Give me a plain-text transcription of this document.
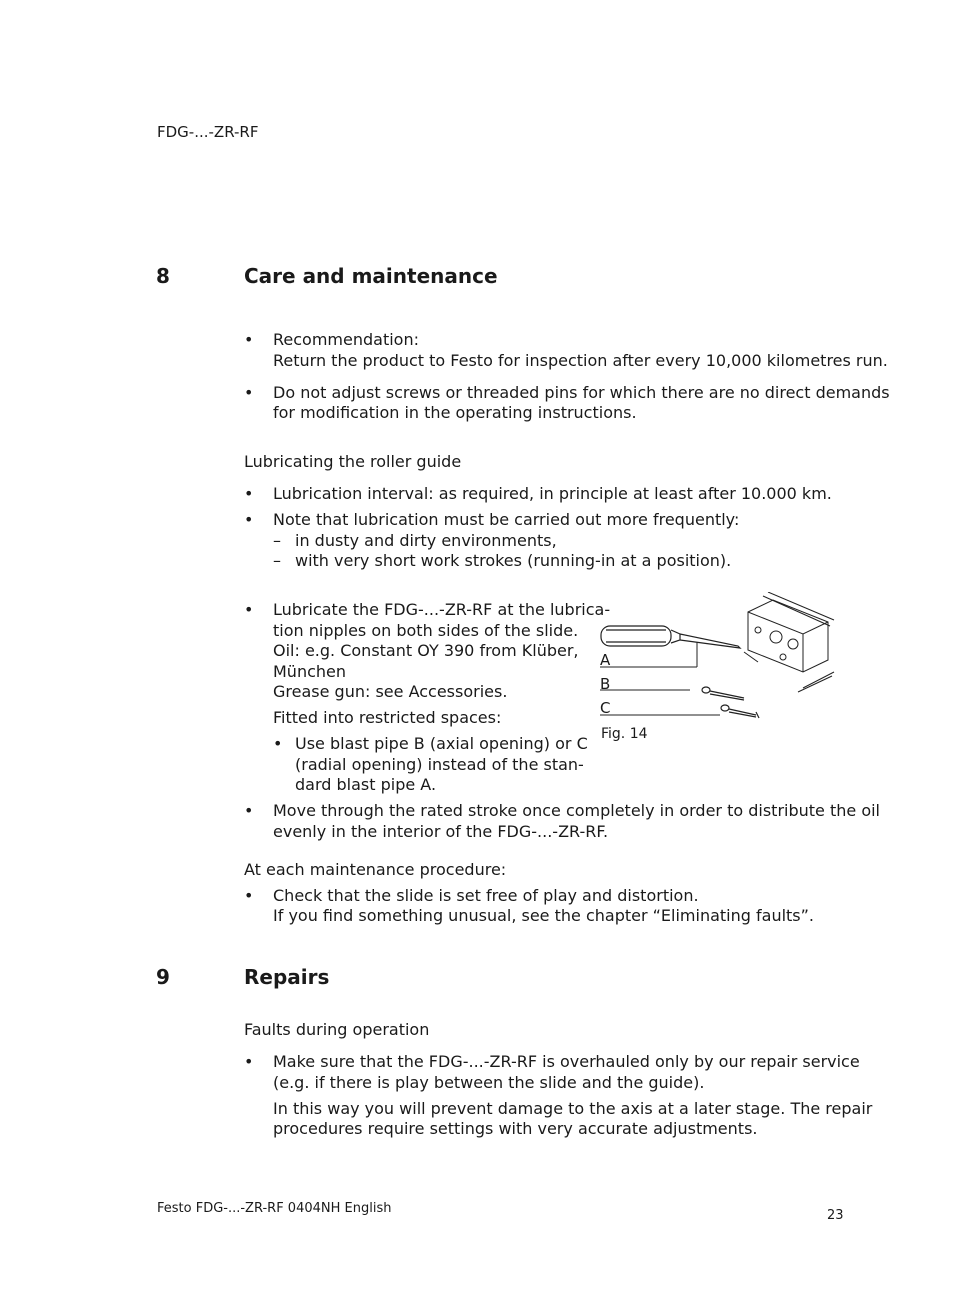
FDG-...-ZR-RF
8	Care and maintenance
• Recommendation:
Return the product to Festo for inspection after every 10,000 kilometres run.
• Do not adjust screws or threaded pins for which there are no direct demands
for modification in the operating instructions.
Lubricating the roller guide
• Lubrication interval: as required, in principle at least after 10.000 km.
• Note that lubrication must be carried out more frequently:
– in dusty and dirty environments,
– with very short work strokes (running-in at a position).
• Lubricate the FDG-...-ZR-RF at the lubrica-
tion nipples on both sides of the slide.
Oil: e.g. Constant OY 390 from Klüber,
München
Grease gun: see Accessories.
Fitted into restricted spaces:
• Use blast pipe B (axial opening) or C
(radial opening) instead of the stan-
dard blast pipe A.
A
B
C
Fig. 14
• Move through the rated stroke once completely in order to distribute the oil
evenly in the interior of the FDG-...-ZR-RF.
At each maintenance procedure:
• Check that the slide is set free of play and distortion.
If you find something unusual, see the chapter “Eliminating faults”.
9	Repairs
Faults during operation
• Make sure that the FDG-...-ZR-RF is overhauled only by our repair service
(e.g. if there is play between the slide and the guide).
In this way you will prevent damage to the axis at a later stage. The repair
procedures require settings with very accurate adjustments.
Festo FDG-...-ZR-RF 0404NH English	23
